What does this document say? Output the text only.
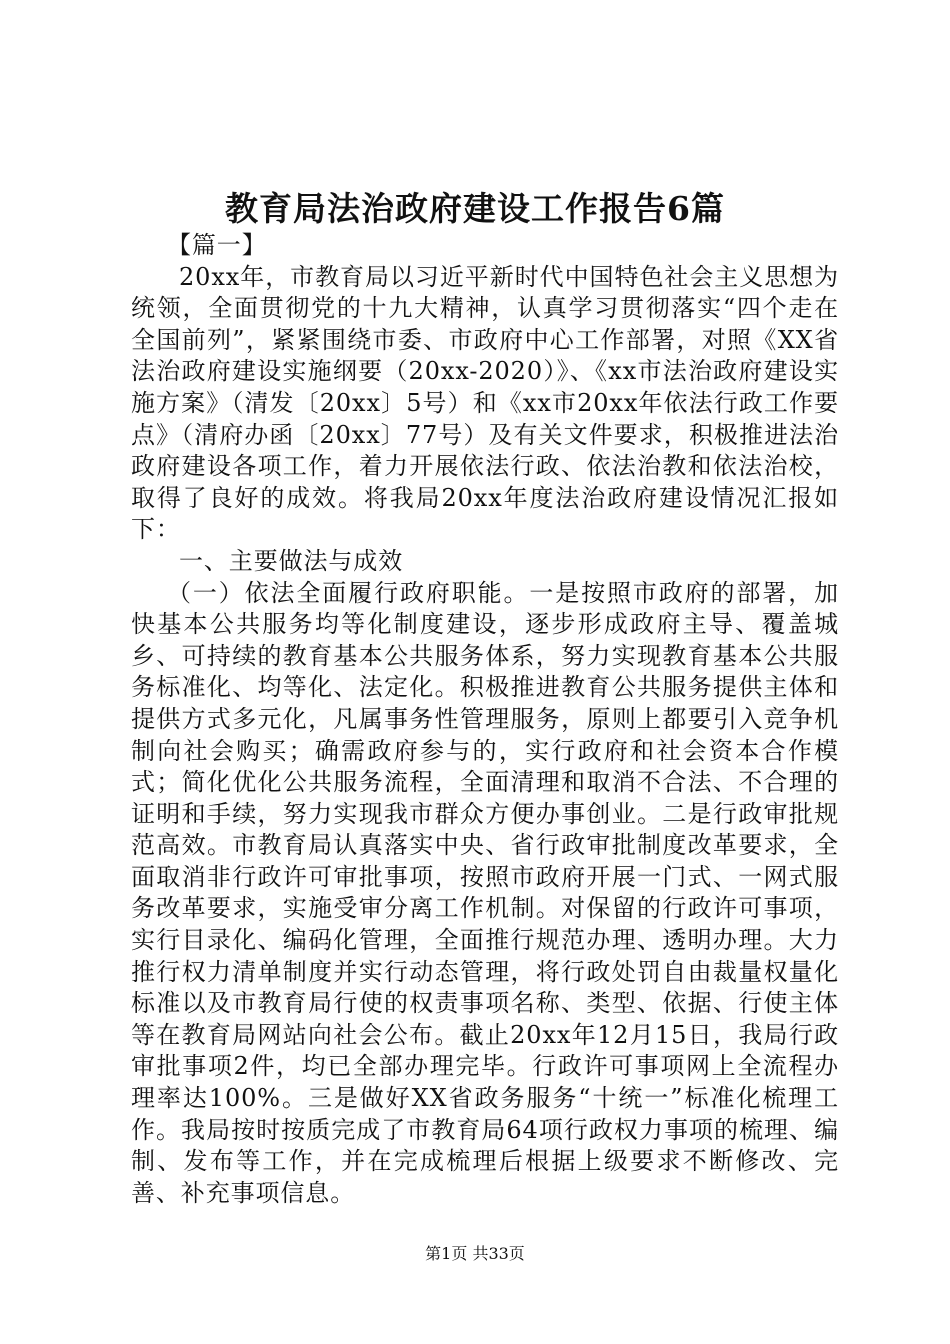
教育局法治政府建设工作报告6篇

【篇一】

20xx年，市教育局以习近平新时代中国特色社会主义思想为统领，全面贯彻党的十九大精神，认真学习贯彻落实“四个走在全国前列”，紧紧围绕市委、市政府中心工作部署，对照《XX省法治政府建设实施纲要（20xx-2020）》、《xx市法治政府建设实施方案》（清发〔20xx〕5号）和《xx市20xx年依法行政工作要点》（清府办函〔20xx〕77号）及有关文件要求，积极推进法治政府建设各项工作，着力开展依法行政、依法治教和依法治校，取得了良好的成效。将我局20xx年度法治政府建设情况汇报如下：

一、主要做法与成效

（一）依法全面履行政府职能。一是按照市政府的部署，加快基本公共服务均等化制度建设，逐步形成政府主导、覆盖城乡、可持续的教育基本公共服务体系，努力实现教育基本公共服务标准化、均等化、法定化。积极推进教育公共服务提供主体和提供方式多元化，凡属事务性管理服务，原则上都要引入竞争机制向社会购买；确需政府参与的，实行政府和社会资本合作模式；简化优化公共服务流程，全面清理和取消不合法、不合理的证明和手续，努力实现我市群众方便办事创业。二是行政审批规范高效。市教育局认真落实中央、省行政审批制度改革要求，全面取消非行政许可审批事项，按照市政府开展一门式、一网式服务改革要求，实施受审分离工作机制。对保留的行政许可事项，实行目录化、编码化管理，全面推行规范办理、透明办理。大力推行权力清单制度并实行动态管理，将行政处罚自由裁量权量化标准以及市教育局行使的权责事项名称、类型、依据、行使主体等在教育局网站向社会公布。截止20xx年12月15日，我局行政审批事项2件，均已全部办理完毕。行政许可事项网上全流程办理率达100%。三是做好XX省政务服务“十统一”标准化梳理工作。我局按时按质完成了市教育局64项行政权力事项的梳理、编制、发布等工作，并在完成梳理后根据上级要求不断修改、完善、补充事项信息。

第1页 共33页
